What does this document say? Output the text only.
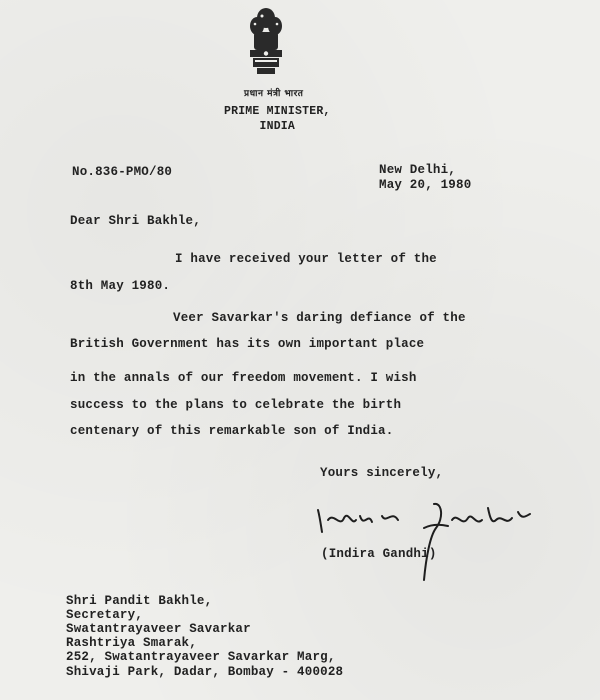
प्रधान मंत्री भारत
PRIME MINISTER,
INDIA
No.836-PMO/80	New Delhi,
May 20, 1980
Dear Shri Bakhle,
I have received your letter of the
8th May 1980.
Veer Savarkar's daring defiance of the
British Government has its own important place
in the annals of our freedom movement. I wish
success to the plans to celebrate the birth
centenary of this remarkable son of India.
Yours sincerely,
(Indira Gandhi)
Shri Pandit Bakhle,
Secretary,
Swatantrayaveer Savarkar
Rashtriya Smarak,
252, Swatantrayaveer Savarkar Marg,
Shivaji Park, Dadar, Bombay - 400028
